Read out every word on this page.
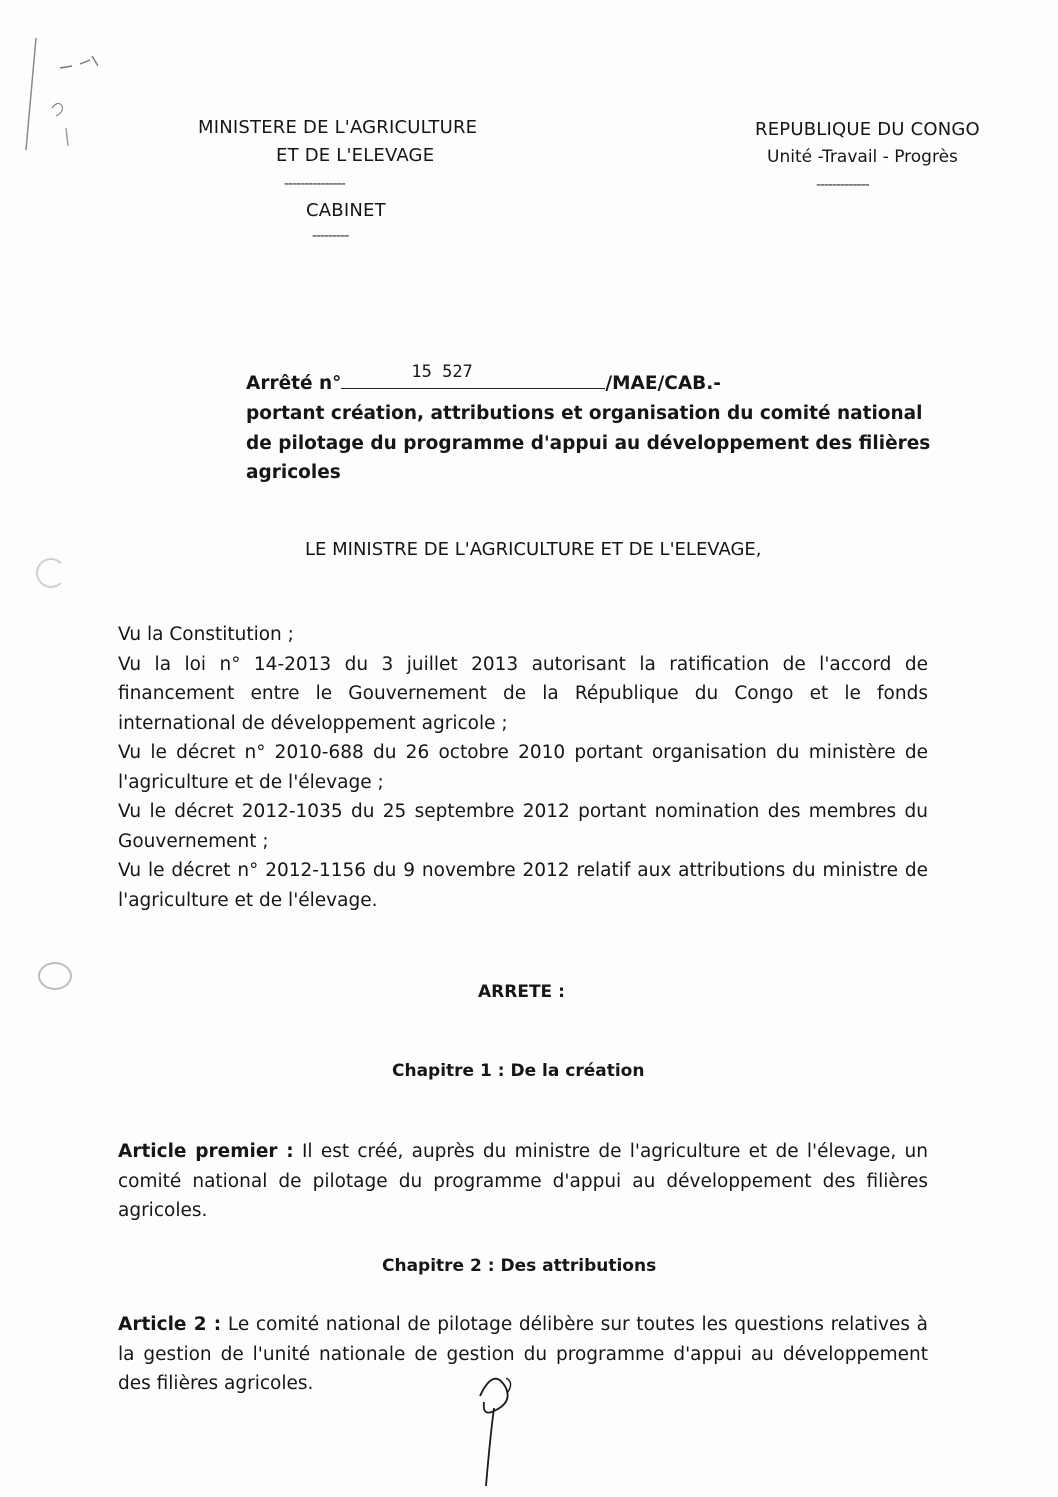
MINISTERE DE L'AGRICULTURE
ET DE L'ELEVAGE
---------------
CABINET
---------
REPUBLIQUE DU CONGO
Unité -Travail - Progrès
-------------
Arrêté n°
15 527
/MAE/CAB.-
portant création, attributions et organisation du comité national
de pilotage du programme d'appui au développement des filières
agricoles
LE MINISTRE DE L'AGRICULTURE ET DE L'ELEVAGE,
Vu la Constitution ;
Vu la loi n° 14-2013 du 3 juillet 2013 autorisant la ratification de l'accord de financement entre le Gouvernement de la République du Congo et le fonds international de développement agricole ;
Vu le décret n° 2010-688 du 26 octobre 2010 portant organisation du ministère de l'agriculture et de l'élevage ;
Vu le décret 2012-1035 du 25 septembre 2012 portant nomination des membres du Gouvernement ;
Vu le décret n° 2012-1156 du 9 novembre 2012 relatif aux attributions du ministre de l'agriculture et de l'élevage.
ARRETE :
Chapitre 1 : De la création
Article premier : Il est créé, auprès du ministre de l'agriculture et de l'élevage, un comité national de pilotage du programme d'appui au développement des filières agricoles.
Chapitre 2 : Des attributions
Article 2 : Le comité national de pilotage délibère sur toutes les questions relatives à la gestion de l'unité nationale de gestion du programme d'appui au développement des filières agricoles.
